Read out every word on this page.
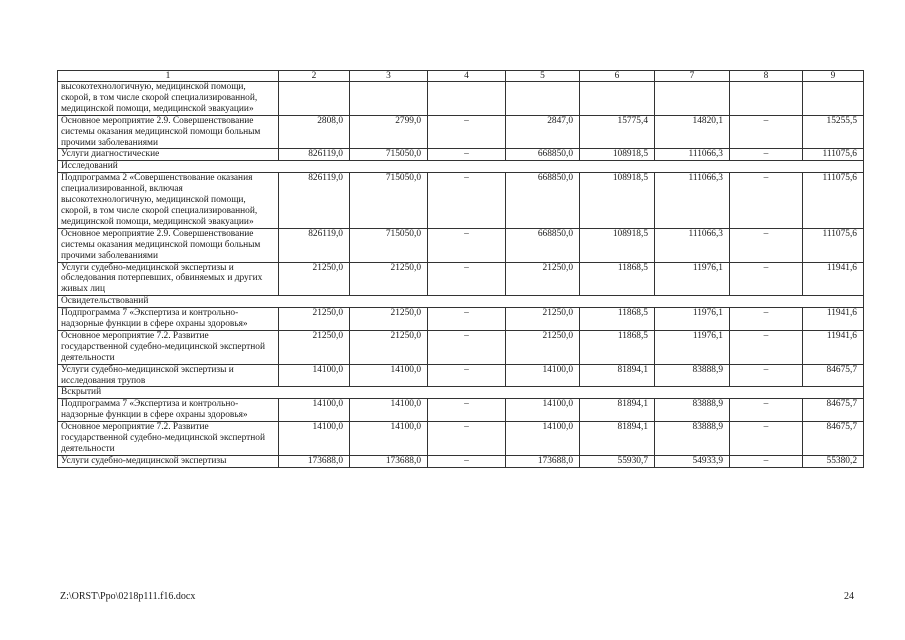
1	2	3	4	5	6	7	8	9
высокотехнологичную, медицинской помощи, скорой, в том числе скорой специализированной, медицинской помощи, медицинской эвакуации»								
Основное мероприятие 2.9. Совершенствование системы оказания медицинской помощи больным прочими заболеваниями	2808,0	2799,0	–	2847,0	15775,4	14820,1	–	15255,5
Услуги диагностические	826119,0	715050,0	–	668850,0	108918,5	111066,3	–	111075,6
Исследований								
Подпрограмма 2 «Совершенствование оказания специализированной, включая высокотехнологичную, медицинской помощи, скорой, в том числе скорой специализированной, медицинской помощи, медицинской эвакуации»	826119,0	715050,0	–	668850,0	108918,5	111066,3	–	111075,6
Основное мероприятие 2.9. Совершенствование системы оказания медицинской помощи больным прочими заболеваниями	826119,0	715050,0	–	668850,0	108918,5	111066,3	–	111075,6
Услуги судебно-медицинской экспертизы и обследования потерпевших, обвиняемых и других живых лиц	21250,0	21250,0	–	21250,0	11868,5	11976,1	–	11941,6
Освидетельствований								
Подпрограмма 7 «Экспертиза и контрольно-надзорные функции в сфере охраны здоровья»	21250,0	21250,0	–	21250,0	11868,5	11976,1	–	11941,6
Основное мероприятие 7.2. Развитие государственной судебно-медицинской экспертной деятельности	21250,0	21250,0	–	21250,0	11868,5	11976,1	–	11941,6
Услуги судебно-медицинской экспертизы и исследования трупов	14100,0	14100,0	–	14100,0	81894,1	83888,9	–	84675,7
Вскрытий								
Подпрограмма 7 «Экспертиза и контрольно-надзорные функции в сфере охраны здоровья»	14100,0	14100,0	–	14100,0	81894,1	83888,9	–	84675,7
Основное мероприятие 7.2. Развитие государственной судебно-медицинской экспертной деятельности	14100,0	14100,0	–	14100,0	81894,1	83888,9	–	84675,7
Услуги судебно-медицинской экспертизы	173688,0	173688,0	–	173688,0	55930,7	54933,9	–	55380,2
Z:\ORST\Ppo\0218p111.f16.docx	24
